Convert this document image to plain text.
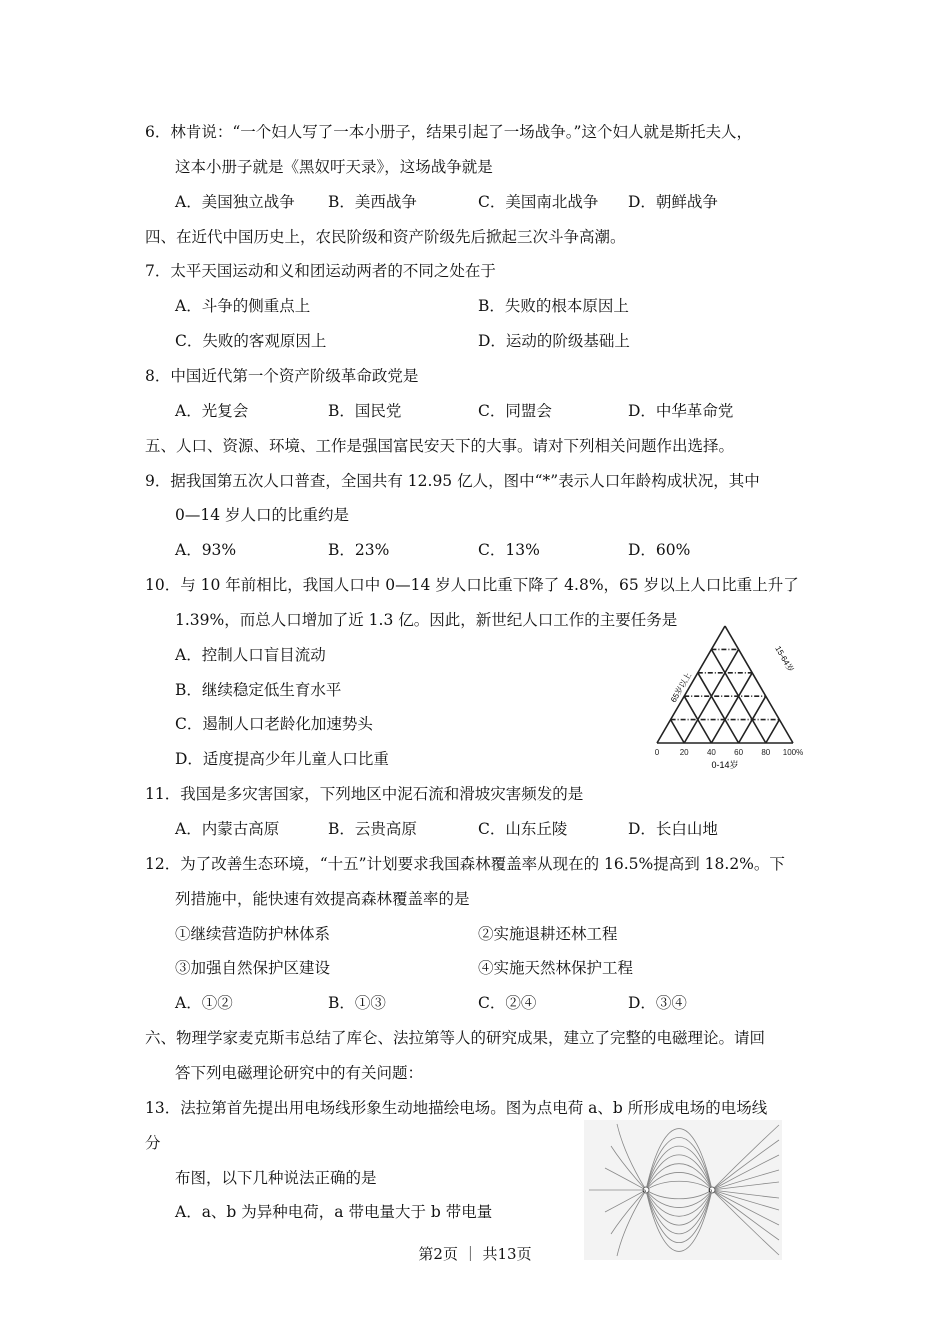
6．林肯说：“一个妇人写了一本小册子，结果引起了一场战争。”这个妇人就是斯托夫人，
这本小册子就是《黑奴吁天录》，这场战争就是
A．美国独立战争 B．美西战争	C．美国南北战争 D．朝鲜战争
四、在近代中国历史上，农民阶级和资产阶级先后掀起三次斗争高潮。
7．太平天国运动和义和团运动两者的不同之处在于
A．斗争的侧重点上	B．失败的根本原因上
C．失败的客观原因上	D．运动的阶级基础上
8．中国近代第一个资产阶级革命政党是
A．光复会	B．国民党	C．同盟会	D．中华革命党
五、人口、资源、环境、工作是强国富民安天下的大事。请对下列相关问题作出选择。
9．据我国第五次人口普查，全国共有 12.95 亿人，图中“*”表示人口年龄构成状况，其中
0—14 岁人口的比重约是
A．93%	B．23%	C．13%	D．60%
10．与 10 年前相比，我国人口中 0—14 岁人口比重下降了 4.8%，65 岁以上人口比重上升了
1.39%，而总人口增加了近 1.3 亿。因此，新世纪人口工作的主要任务是
A．控制人口盲目流动
B．继续稳定低生育水平
C．遏制人口老龄化加速势头
D．适度提高少年儿童人口比重
11．我国是多灾害国家，下列地区中泥石流和滑坡灾害频发的是
A．内蒙古高原	B．云贵高原	C．山东丘陵	D．长白山地
12．为了改善生态环境，“十五”计划要求我国森林覆盖率从现在的 16.5%提高到 18.2%。下
列措施中，能快速有效提高森林覆盖率的是
①继续营造防护林体系	②实施退耕还林工程
③加强自然保护区建设	④实施天然林保护工程
A．①②	B．①③	C．②④	D．③④
六、物理学家麦克斯韦总结了库仑、法拉第等人的研究成果，建立了完整的电磁理论。请回
答下列电磁理论研究中的有关问题：
13．法拉第首先提出用电场线形象生动地描绘电场。图为点电荷 a、b 所形成电场的电场线
分
布图，以下几种说法正确的是
A．a、b 为异种电荷，a 带电量大于 b 带电量
0	20 40 60 80 100%
0-14岁
65岁以上
15-64岁
a	b
第2页 ｜ 共13页
